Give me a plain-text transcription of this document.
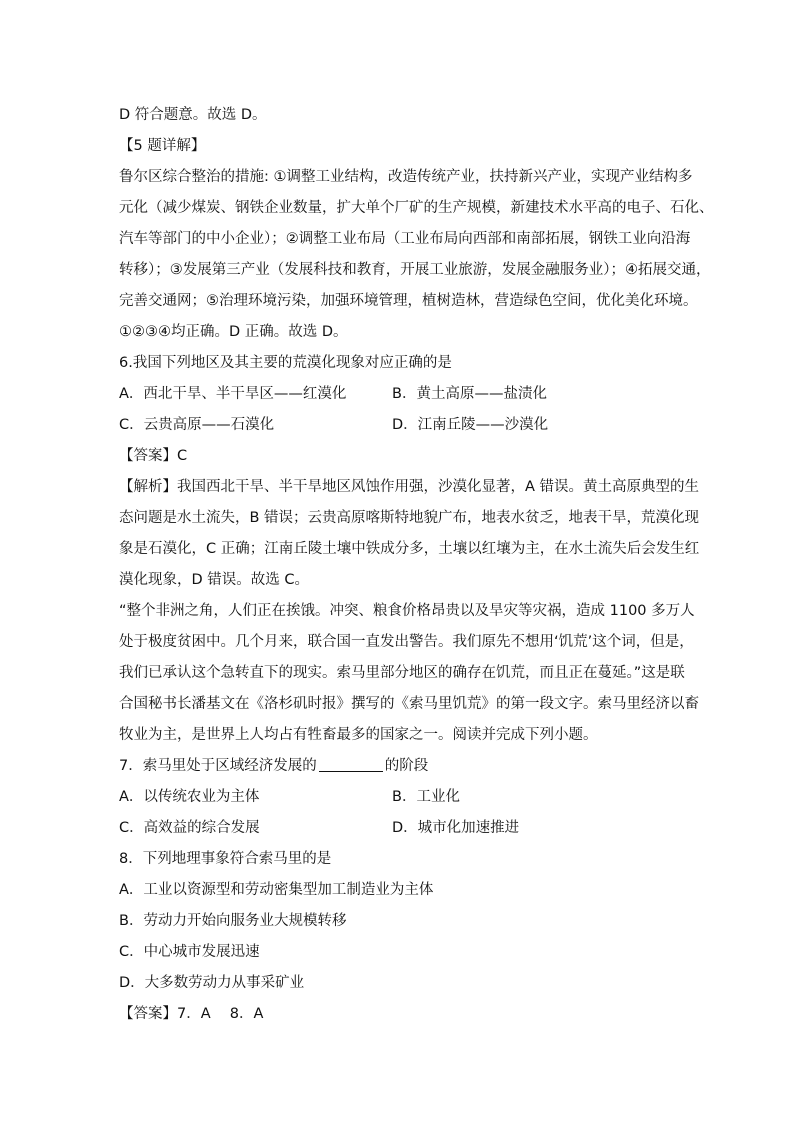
D 符合题意。故选 D。
【5 题详解】
鲁尔区综合整治的措施: ①调整工业结构，改造传统产业，扶持新兴产业，实现产业结构多
元化（减少煤炭、钢铁企业数量，扩大单个厂矿的生产规模，新建技术水平高的电子、石化、
汽车等部门的中小企业）；②调整工业布局（工业布局向西部和南部拓展，钢铁工业向沿海
转移）；③发展第三产业（发展科技和教育，开展工业旅游，发展金融服务业）；④拓展交通，
完善交通网；⑤治理环境污染，加强环境管理，植树造林，营造绿色空间，优化美化环境。
①②③④均正确。D 正确。故选 D。
6.我国下列地区及其主要的荒漠化现象对应正确的是
A．西北干旱、半干旱区——红漠化	B．黄土高原——盐渍化
C．云贵高原——石漠化	D．江南丘陵——沙漠化
【答案】C
【解析】我国西北干旱、半干旱地区风蚀作用强，沙漠化显著，A 错误。黄土高原典型的生
态问题是水土流失，B 错误；云贵高原喀斯特地貌广布，地表水贫乏，地表干旱，荒漠化现
象是石漠化，C 正确；江南丘陵土壤中铁成分多，土壤以红壤为主，在水土流失后会发生红
漠化现象，D 错误。故选 C。
“整个非洲之角，人们正在挨饿。冲突、粮食价格昂贵以及旱灾等灾祸，造成 1100 多万人
处于极度贫困中。几个月来，联合国一直发出警告。我们原先不想用‘饥荒’这个词，但是，
我们已承认这个急转直下的现实。索马里部分地区的确存在饥荒，而且正在蔓延。”这是联
合国秘书长潘基文在《洛杉矶时报》撰写的《索马里饥荒》的第一段文字。索马里经济以畜
牧业为主，是世界上人均占有牲畜最多的国家之一。阅读并完成下列小题。
7．索马里处于区域经济发展的	的阶段
A．以传统农业为主体	B．工业化
C．高效益的综合发展	D．城市化加速推进
8．下列地理事象符合索马里的是
A．工业以资源型和劳动密集型加工制造业为主体
B．劳动力开始向服务业大规模转移
C．中心城市发展迅速
D．大多数劳动力从事采矿业
【答案】7．A　 8．A
